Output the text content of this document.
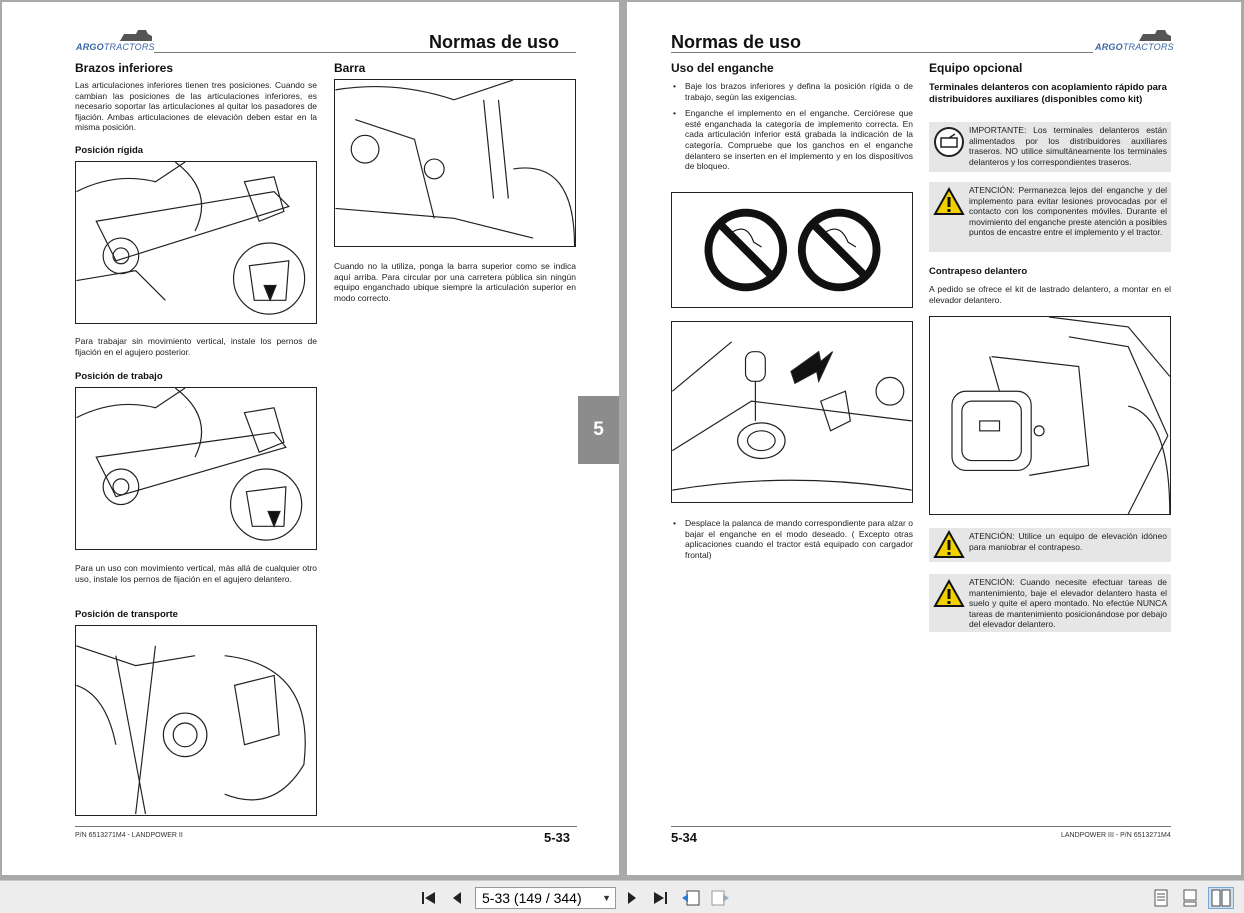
ARGOTRACTORS	Normas de uso
Brazos inferiores
Las articulaciones inferiores tienen tres posiciones. Cuando se cambian las posiciones de las articulaciones inferiores, es necesario soportar las articulaciones al quitar los pasadores de fijación. Ambas articulaciones de elevación deben estar en la misma posición.
Posición rígida
Para trabajar sin movimiento vertical, instale los pernos de fijación en el agujero posterior.
Posición de trabajo
Para un uso con movimiento vertical, más allá de cualquier otro uso, instale los pernos de fijación en el agujero delantero.
Posición de transporte
Barra
Cuando no la utiliza, ponga la barra superior como se indica aquí arriba. Para circular por una carretera pública sin ningún equipo enganchado ubique siempre la articulación superior en modo correcto.
P/N 6513271M4 - LANDPOWER II	5-33
5
Normas de uso	ARGOTRACTORS
Uso del enganche
• Baje los brazos inferiores y defina la posición rígida o de trabajo, según las exigencias.
• Enganche el implemento en el enganche. Cerciórese que esté enganchada la categoría de implemento correcta. En cada articulación inferior está grabada la indicación de la categoría. Compruebe que los ganchos en el enganche delantero se inserten en el implemento y en los dispositivos de bloqueo.
• Desplace la palanca de mando correspondiente para alzar o bajar el enganche en el modo deseado. ( Excepto otras aplicaciones cuando el tractor está equipado con cargador frontal)
Equipo opcional
Terminales delanteros con acoplamiento rápido para distribuidores auxiliares (disponibles como kit)
IMPORTANTE: Los terminales delanteros están alimentados por los distribuidores auxiliares traseros. NO utilice simultáneamente los terminales delanteros y los correspondientes traseros.
ATENCIÓN: Permanezca lejos del enganche y del implemento para evitar lesiones provocadas por el contacto con los componentes móviles. Durante el movimiento del enganche preste atención a posibles puntos de encastre entre el implemento y el tractor.
Contrapeso delantero
A pedido se ofrece el kit de lastrado delantero, a montar en el elevador delantero.
ATENCIÓN: Utilice un equipo de elevación idóneo para maniobrar el contrapeso.
ATENCIÓN: Cuando necesite efectuar tareas de mantenimiento, baje el elevador delantero hasta el suelo y quite el apero montado. No efectúe NUNCA tareas de mantenimiento posicionándose por debajo del elevador delantero.
5-34	LANDPOWER III - P/N 6513271M4
5-33 (149 / 344) ▼
